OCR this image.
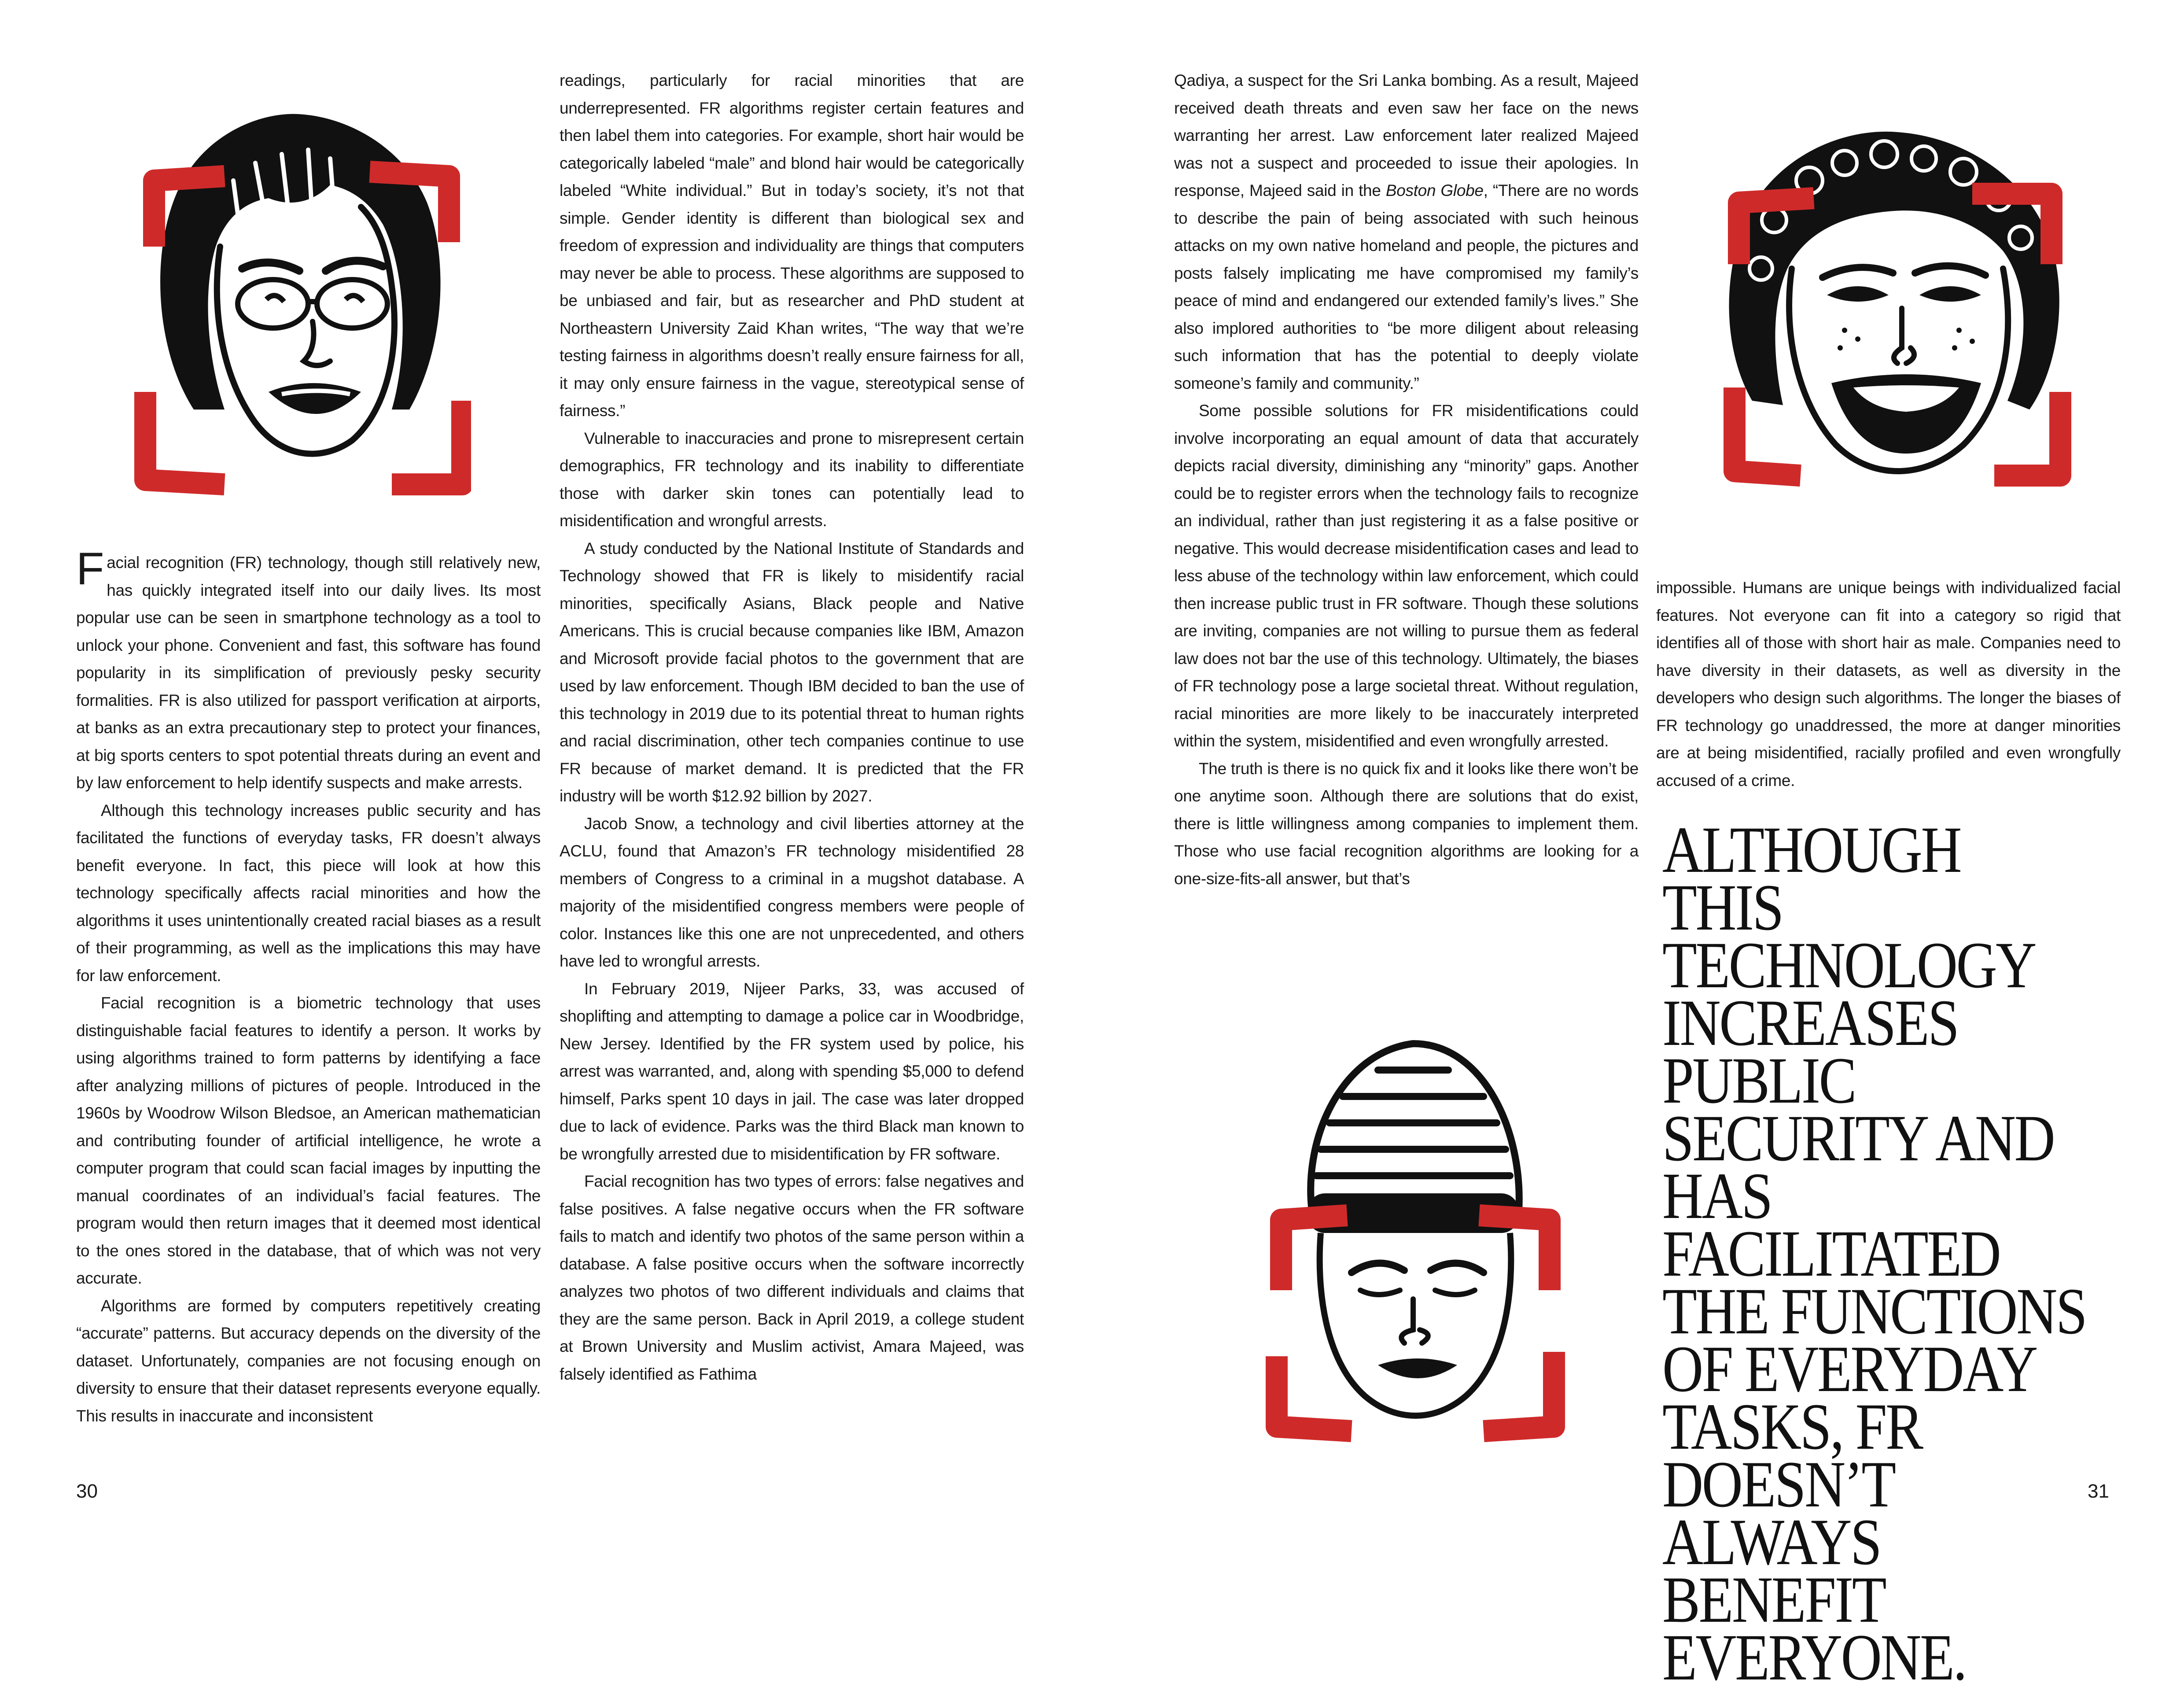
Facial recognition (FR) technology, though still relatively new, has quickly integrated itself into our daily lives. Its most popular use can be seen in smartphone technology as a tool to unlock your phone. Convenient and fast, this software has found popularity in its simplification of previously pesky security formalities. FR is also utilized for passport verification at airports, at banks as an extra precautionary step to protect your finances, at big sports centers to spot potential threats during an event and by law enforcement to help identify suspects and make arrests.

Although this technology increases public security and has facilitated the functions of everyday tasks, FR doesn’t always benefit everyone. In fact, this piece will look at how this technology specifically affects racial minorities and how the algorithms it uses unintentionally created racial biases as a result of their programming, as well as the implications this may have for law enforcement.

Facial recognition is a biometric technology that uses distinguishable facial features to identify a person. It works by using algorithms trained to form patterns by identifying a face after analyzing millions of pictures of people. Introduced in the 1960s by Woodrow Wilson Bledsoe, an American mathematician and contributing founder of artificial intelligence, he wrote a computer program that could scan facial images by inputting the manual coordinates of an individual’s facial features. The program would then return images that it deemed most identical to the ones stored in the database, that of which was not very accurate.

Algorithms are formed by computers repetitively creating “accurate” patterns. But accuracy depends on the diversity of the dataset. Unfortunately, companies are not focusing enough on diversity to ensure that their dataset represents everyone equally. This results in inaccurate and inconsistent

readings, particularly for racial minorities that are underrepresented. FR algorithms register certain features and then label them into categories. For example, short hair would be categorically labeled “male” and blond hair would be categorically labeled “White individual.” But in today’s society, it’s not that simple. Gender identity is different than biological sex and freedom of expression and individuality are things that computers may never be able to process. These algorithms are supposed to be unbiased and fair, but as researcher and PhD student at Northeastern University Zaid Khan writes, “The way that we’re testing fairness in algorithms doesn’t really ensure fairness for all, it may only ensure fairness in the vague, stereotypical sense of fairness.”

Vulnerable to inaccuracies and prone to misrepresent certain demographics, FR technology and its inability to differentiate those with darker skin tones can potentially lead to misidentification and wrongful arrests.

A study conducted by the National Institute of Standards and Technology showed that FR is likely to misidentify racial minorities, specifically Asians, Black people and Native Americans. This is crucial because companies like IBM, Amazon and Microsoft provide facial photos to the government that are used by law enforcement. Though IBM decided to ban the use of this technology in 2019 due to its potential threat to human rights and racial discrimination, other tech companies continue to use FR because of market demand. It is predicted that the FR industry will be worth $12.92 billion by 2027.

Jacob Snow, a technology and civil liberties attorney at the ACLU, found that Amazon’s FR technology misidentified 28 members of Congress to a criminal in a mugshot database. A majority of the misidentified congress members were people of color. Instances like this one are not unprecedented, and others have led to wrongful arrests.

In February 2019, Nijeer Parks, 33, was accused of shoplifting and attempting to damage a police car in Woodbridge, New Jersey. Identified by the FR system used by police, his arrest was warranted, and, along with spending $5,000 to defend himself, Parks spent 10 days in jail. The case was later dropped due to lack of evidence. Parks was the third Black man known to be wrongfully arrested due to misidentification by FR software.

Facial recognition has two types of errors: false negatives and false positives. A false negative occurs when the FR software fails to match and identify two photos of the same person within a database. A false positive occurs when the software incorrectly analyzes two photos of two different individuals and claims that they are the same person. Back in April 2019, a college student at Brown University and Muslim activist, Amara Majeed, was falsely identified as Fathima

Qadiya, a suspect for the Sri Lanka bombing. As a result, Majeed received death threats and even saw her face on the news warranting her arrest. Law enforcement later realized Majeed was not a suspect and proceeded to issue their apologies. In response, Majeed said in the Boston Globe, “There are no words to describe the pain of being associated with such heinous attacks on my own native homeland and people, the pictures and posts falsely implicating me have compromised my family’s peace of mind and endangered our extended family’s lives.” She also implored authorities to “be more diligent about releasing such information that has the potential to deeply violate someone’s family and community.”

Some possible solutions for FR misidentifications could involve incorporating an equal amount of data that accurately depicts racial diversity, diminishing any “minority” gaps. Another could be to register errors when the technology fails to recognize an individual, rather than just registering it as a false positive or negative. This would decrease misidentification cases and lead to less abuse of the technology within law enforcement, which could then increase public trust in FR software. Though these solutions are inviting, companies are not willing to pursue them as federal law does not bar the use of this technology. Ultimately, the biases of FR technology pose a large societal threat. Without regulation, racial minorities are more likely to be inaccurately interpreted within the system, misidentified and even wrongfully arrested.

The truth is there is no quick fix and it looks like there won’t be one anytime soon. Although there are solutions that do exist, there is little willingness among companies to implement them. Those who use facial recognition algorithms are looking for a one-size-fits-all answer, but that’s

impossible. Humans are unique beings with individualized facial features. Not everyone can fit into a category so rigid that identifies all of those with short hair as male. Companies need to have diversity in their datasets, as well as diversity in the developers who design such algorithms. The longer the biases of FR technology go unaddressed, the more at danger minorities are at being misidentified, racially profiled and even wrongfully accused of a crime.

ALTHOUGH THIS TECHNOLOGY INCREASES PUBLIC SECURITY AND HAS FACILITATED THE FUNCTIONS OF EVERYDAY TASKS, FR DOESN’T ALWAYS BENEFIT EVERYONE.

30	31
